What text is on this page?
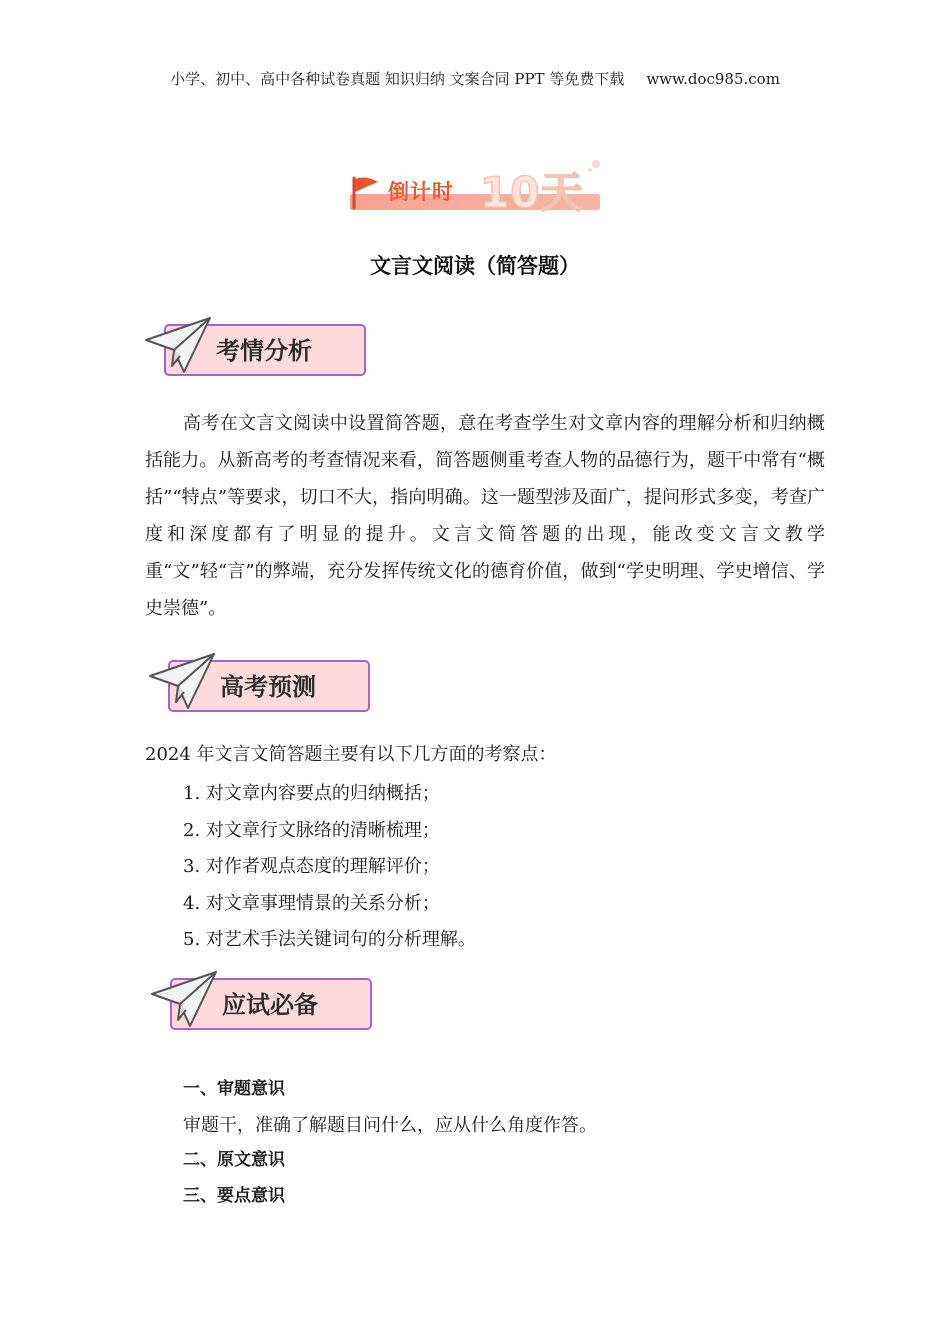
小学、初中、高中各种试卷真题 知识归纳 文案合同 PPT 等免费下载 www.doc985.com
倒计时 10天
文言文阅读（简答题）
考情分析

高考在文言文阅读中设置简答题，意在考查学生对文章内容的理解分析和归纳概括能力。从新高考的考查情况来看，简答题侧重考查人物的品德行为，题干中常有“概括”“特点”等要求，切口不大，指向明确。这一题型涉及面广，提问形式多变，考查广度和深度都有了明显的提升。文言文简答题的出现，能改变文言文教学重“文”轻“言”的弊端，充分发挥传统文化的德育价值，做到“学史明理、学史增信、学史崇德”。

高考预测
2024 年文言文简答题主要有以下几方面的考察点：
1. 对文章内容要点的归纳概括；
2. 对文章行文脉络的清晰梳理；
3. 对作者观点态度的理解评价；
4. 对文章事理情景的关系分析；
5. 对艺术手法关键词句的分析理解。
应试必备
一、审题意识
审题干，准确了解题目问什么，应从什么角度作答。
二、原文意识
三、要点意识
